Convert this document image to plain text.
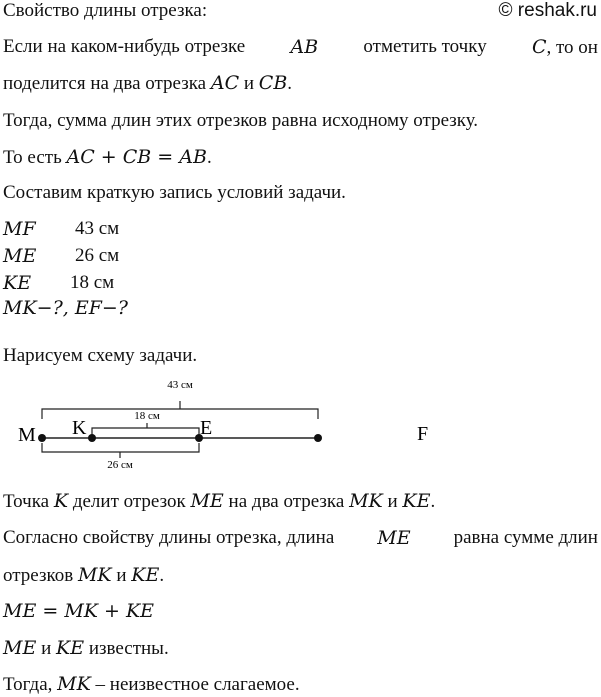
© reshak.ru
Свойство длины отрезка:
Если на каком-нибудь отрезке AB отметить точку C, то он
поделится на два отрезка AC и CB.
Тогда, сумма длин этих отрезков равна исходному отрезку.
То есть AC + CB = AB.
Составим краткую запись условий задачи.
MF 43 см
ME 26 см
KE 18 см
MK−?, EF−?
Нарисуем схему задачи.
43 см
18 см
26 см
M K	E	F
Точка K делит отрезок ME на два отрезка MK и KE.
Согласно свойству длины отрезка, длина ME равна сумме длин
отрезков MK и KE.
ME = MK + KE
ME и KE известны.
Тогда, MK – неизвестное слагаемое.
